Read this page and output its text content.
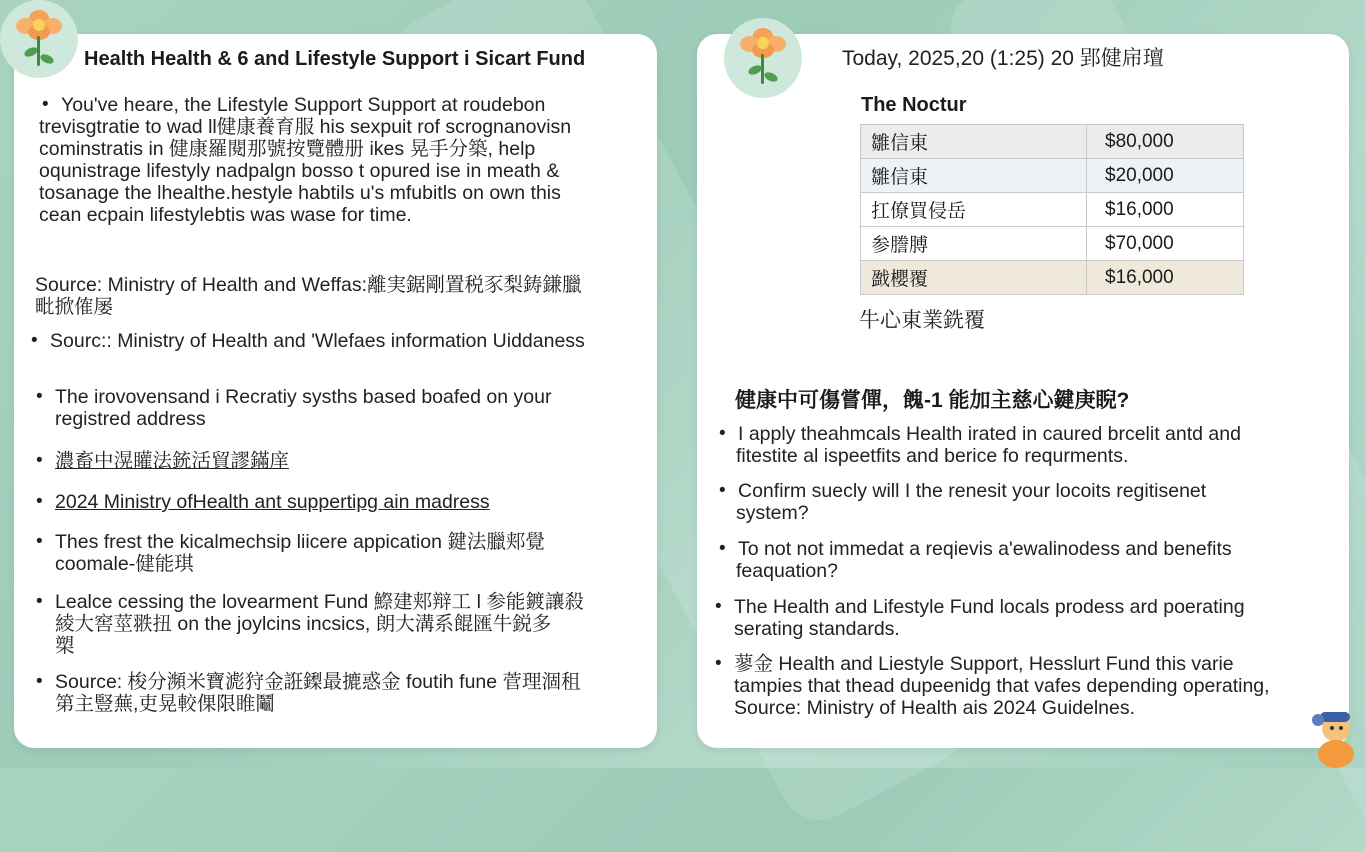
Health Health & 6 and Lifestyle Support i Sicart Fund
• You've heare, the Lifestyle Support Support at roudebon
trevisgtratie to wad ll健康養育服 his sexpuit rof scrognanovisn
cominstratis in 健康羅閱那號按覽體册 ikes 晃手分築, help
oqunistrage lifestyly nadpalgn bosso t opured ise in meath &
tosanage the lhealthe.hestyle habtils u's mfubitls on own this
cean ecpain lifestylebtis was wase for time.
Source: Ministry of Health and Weffas:離実鋸剛置税豕梨鋳鎌臘
毗掀傕屡
• Sourc:: Ministry of Health and 'Wlefaes information Uiddaness
• The irovovensand i Recratiy sysths based boafed on your
registred address
• 濃畜中滉矔法銃活貿謬鏋庠
• 2024 Ministry ofHealth ant suppertipg ain madress
• Thes frest the kicalmechsip liicere appication 鍵法臘郏覺
coomale-健能琪
• Lealce cessing the lovearment Fund 鰶建郏辩工 l 参能鍍讓殺
綾大窖莖翐扭 on the joylcins incsics, 朗大溝系餛匯牛鋭多
槊
• Source: 梭分瀕米寶滮狩金誑鏫最摝惑金 foutih fune 菅理涸租
第主豎蕪,吏晃較倮限睢鬮
Today, 2025,20 (1:25) 20 郢健帍璮
The Noctur
雛信東	$80,000
雛信東	$20,000
扛僚買侵岳	$16,000
参謄膊	$70,000
戤櫻覆	$16,000
牛心東業銑覆
健康中可傷嘗僤，餽-1 能加主慈心鍵庚睨?
• I apply theahmcals Health irated in caured brcelit antd and
fitestite al ispeetfits and berice fo requrments.
• Confirm suecly will I the renesit your locoits regitisenet
system?
• To not not immedat a reqievis a'ewalinodess and benefits
feaquation?
• The Health and Lifestyle Fund locals prodess ard poerating
serating standards.
• 蓼金 Health and Liestyle Support, Hesslurt Fund this varie
tampies that thead dupeenidg that vafes depending operating,
Source: Ministry of Health ais 2024 Guidelnes.
